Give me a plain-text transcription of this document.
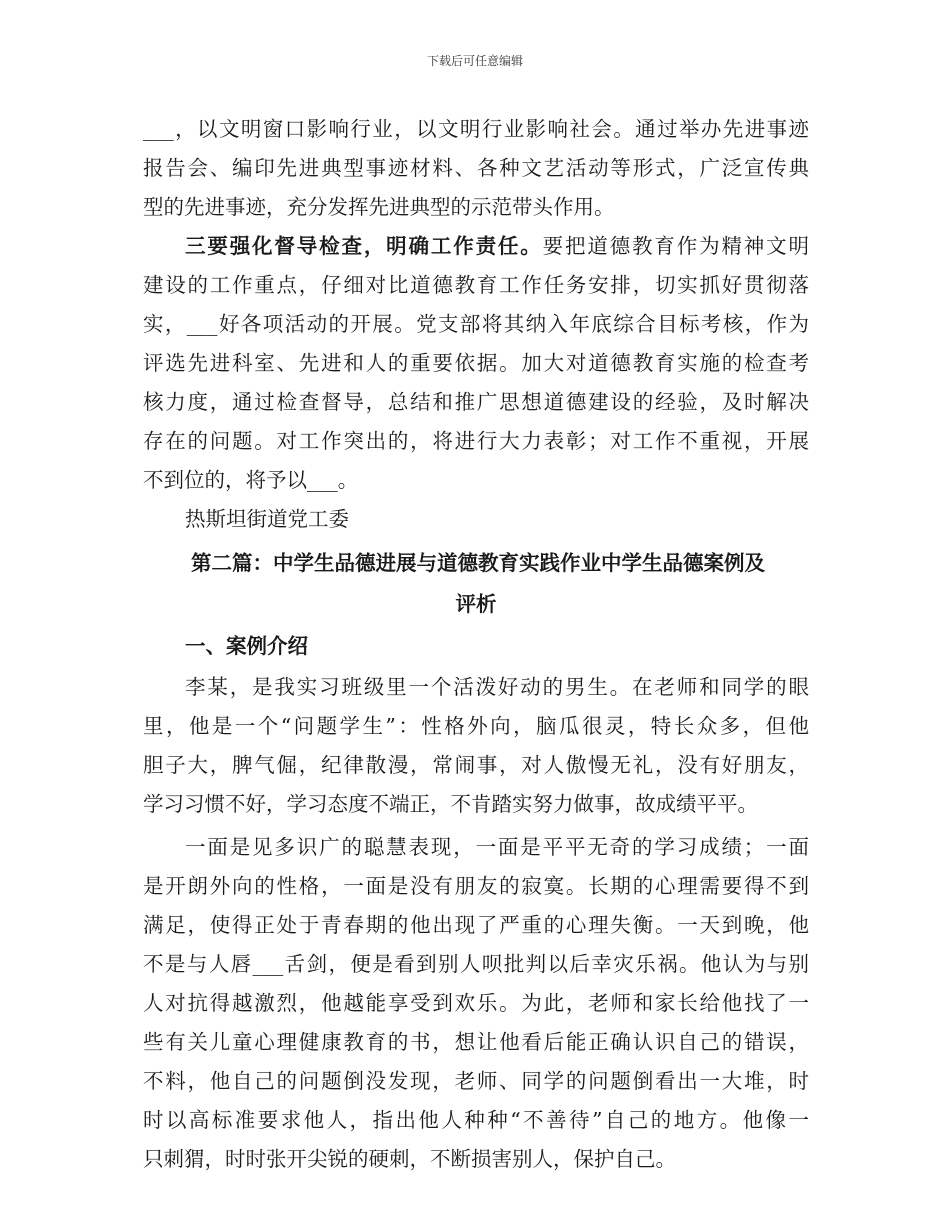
下载后可任意编辑
___，以文明窗口影响行业，以文明行业影响社会。通过举办先进事迹
报告会、编印先进典型事迹材料、各种文艺活动等形式，广泛宣传典
型的先进事迹，充分发挥先进典型的示范带头作用。
三要强化督导检查，明确工作责任。要把道德教育作为精神文明
建设的工作重点，仔细对比道德教育工作任务安排，切实抓好贯彻落
实，___好各项活动的开展。党支部将其纳入年底综合目标考核，作为
评选先进科室、先进和人的重要依据。加大对道德教育实施的检查考
核力度，通过检查督导，总结和推广思想道德建设的经验，及时解决
存在的问题。对工作突出的，将进行大力表彰；对工作不重视，开展
不到位的，将予以___。
热斯坦街道党工委
第二篇：中学生品德进展与道德教育实践作业中学生品德案例及
评析
一、案例介绍
李某，是我实习班级里一个活泼好动的男生。在老师和同学的眼
里，他是一个“问题学生”：性格外向，脑瓜很灵，特长众多，但他
胆子大，脾气倔，纪律散漫，常闹事，对人傲慢无礼，没有好朋友，
学习习惯不好，学习态度不端正，不肯踏实努力做事，故成绩平平。
一面是见多识广的聪慧表现，一面是平平无奇的学习成绩；一面
是开朗外向的性格，一面是没有朋友的寂寞。长期的心理需要得不到
满足，使得正处于青春期的他出现了严重的心理失衡。一天到晚，他
不是与人唇___舌剑，便是看到别人呗批判以后幸灾乐祸。他认为与别
人对抗得越激烈，他越能享受到欢乐。为此，老师和家长给他找了一
些有关儿童心理健康教育的书，想让他看后能正确认识自己的错误，
不料，他自己的问题倒没发现，老师、同学的问题倒看出一大堆，时
时以高标准要求他人，指出他人种种“不善待”自己的地方。他像一
只刺猬，时时张开尖锐的硬刺，不断损害别人，保护自己。
